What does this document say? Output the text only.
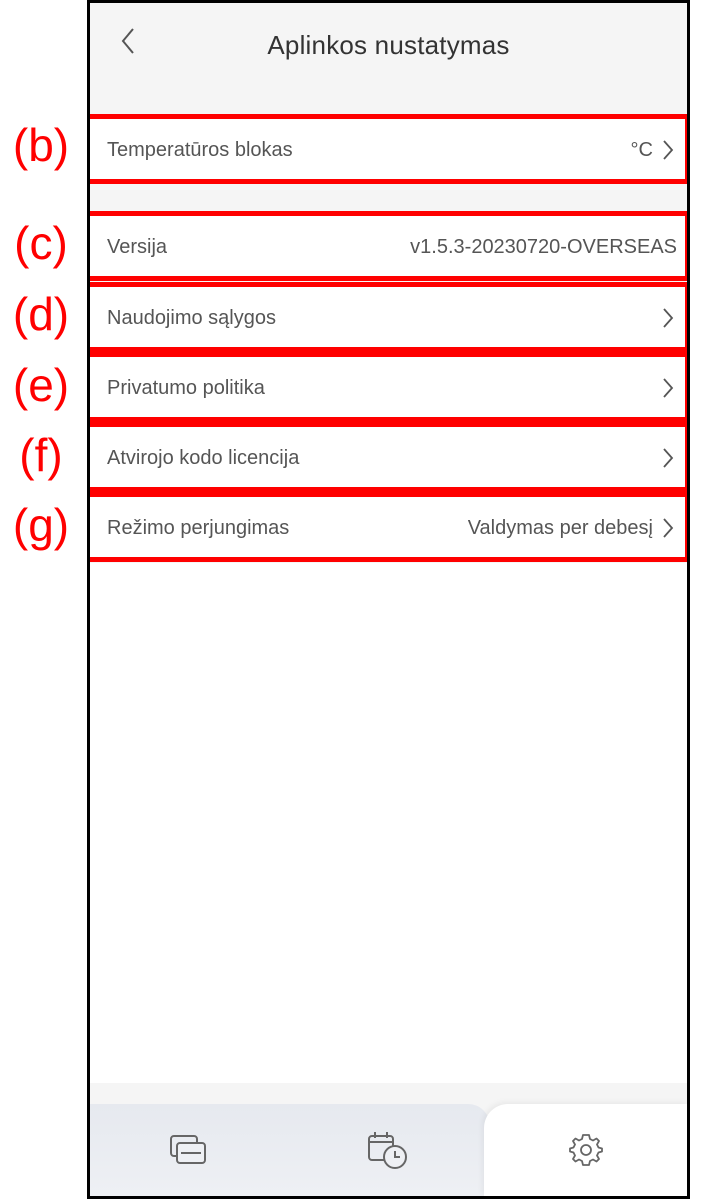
(b)
(c)
(d)
(e)
(f)
(g)
Aplinkos nustatymas
Temperatūros blokas	°C
Versija	v1.5.3-20230720-OVERSEAS
Naudojimo sąlygos
Privatumo politika
Atvirojo kodo licencija
Režimo perjungimas	Valdymas per debesį
